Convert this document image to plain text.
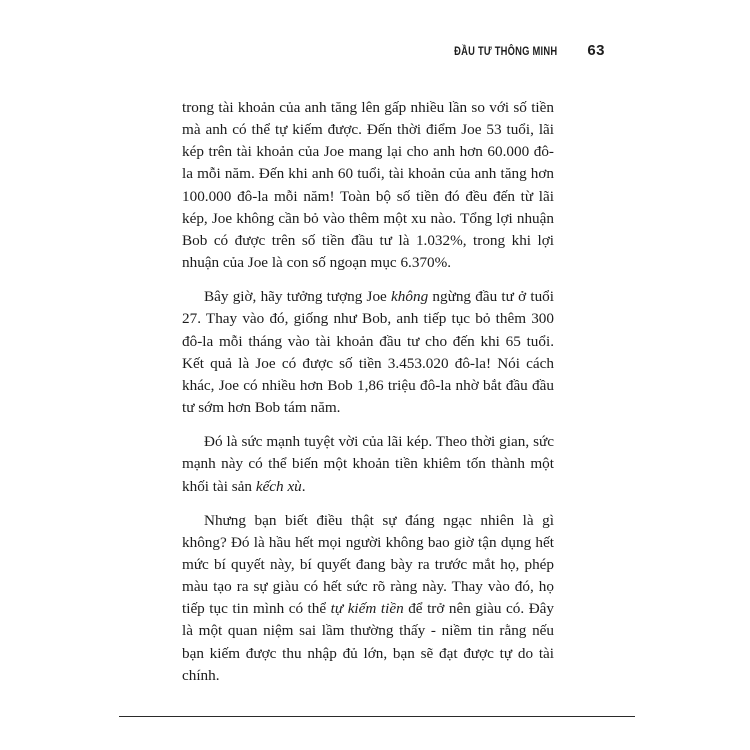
ĐẦU TƯ THÔNG MINH 63

trong tài khoản của anh tăng lên gấp nhiều lần so với số tiền mà anh có thể tự kiếm được. Đến thời điểm Joe 53 tuổi, lãi kép trên tài khoản của Joe mang lại cho anh hơn 60.000 đô-la mỗi năm. Đến khi anh 60 tuổi, tài khoản của anh tăng hơn 100.000 đô-la mỗi năm! Toàn bộ số tiền đó đều đến từ lãi kép, Joe không cần bỏ vào thêm một xu nào. Tổng lợi nhuận Bob có được trên số tiền đầu tư là 1.032%, trong khi lợi nhuận của Joe là con số ngoạn mục 6.370%.

Bây giờ, hãy tưởng tượng Joe không ngừng đầu tư ở tuổi 27. Thay vào đó, giống như Bob, anh tiếp tục bỏ thêm 300 đô-la mỗi tháng vào tài khoản đầu tư cho đến khi 65 tuổi. Kết quả là Joe có được số tiền 3.453.020 đô-la! Nói cách khác, Joe có nhiều hơn Bob 1,86 triệu đô-la nhờ bắt đầu đầu tư sớm hơn Bob tám năm.

Đó là sức mạnh tuyệt vời của lãi kép. Theo thời gian, sức mạnh này có thể biến một khoản tiền khiêm tốn thành một khối tài sản kếch xù.

Nhưng bạn biết điều thật sự đáng ngạc nhiên là gì không? Đó là hầu hết mọi người không bao giờ tận dụng hết mức bí quyết này, bí quyết đang bày ra trước mắt họ, phép màu tạo ra sự giàu có hết sức rõ ràng này. Thay vào đó, họ tiếp tục tin mình có thể tự kiếm tiền để trở nên giàu có. Đây là một quan niệm sai lầm thường thấy - niềm tin rằng nếu bạn kiếm được thu nhập đủ lớn, bạn sẽ đạt được tự do tài chính.
